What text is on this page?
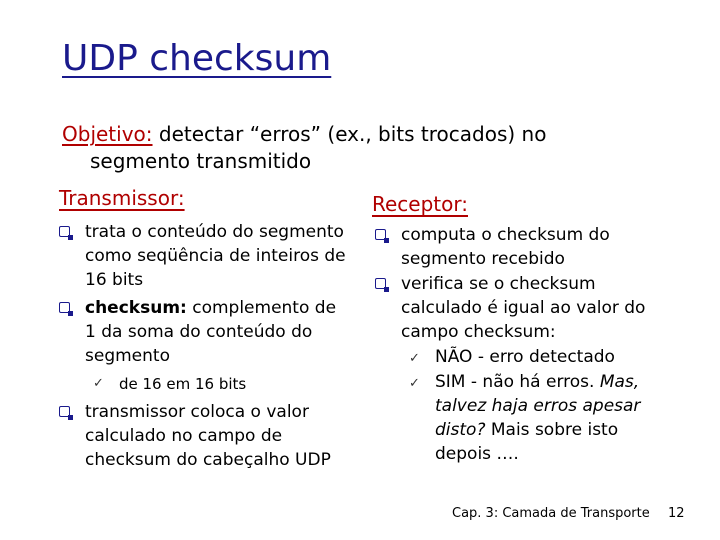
UDP checksum
Objetivo: detectar “erros” (ex., bits trocados) no
segmento transmitido
Transmissor:
trata o conteúdo do segmento como seqüência de inteiros de 16 bits
checksum: complemento de 1 da soma do conteúdo do segmento
✓ de 16 em 16 bits
transmissor coloca o valor calculado no campo de checksum do cabeçalho UDP
Receptor:
computa o checksum do segmento recebido
verifica se o checksum calculado é igual ao valor do campo checksum:
✓ NÃO - erro detectado
✓ SIM - não há erros. Mas, talvez haja erros apesar disto? Mais sobre isto depois ….
Cap. 3: Camada de Transporte 12
